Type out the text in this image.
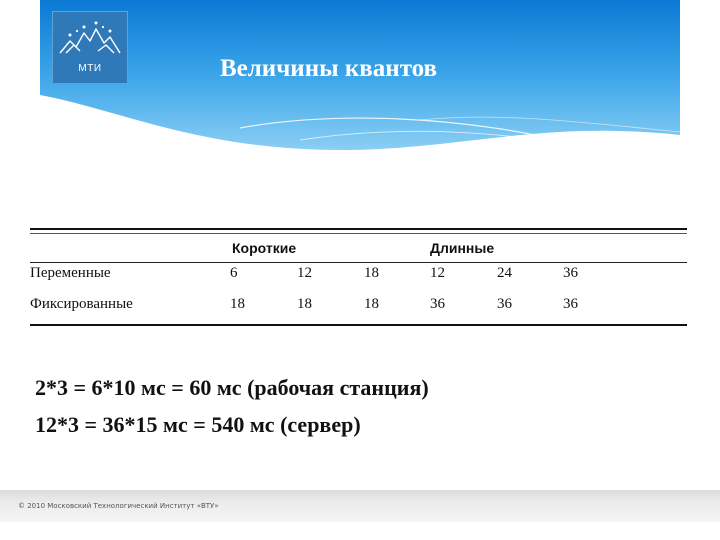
МТИ	Величины квантов
Короткие	Длинные
Переменные	6	12	18	12	24	36
Фиксированные	18	18	18	36	36	36
2*3 = 6*10 мс = 60 мс (рабочая станция)
12*3 = 36*15 мс = 540 мс (сервер)
© 2010 Московский Технологический Институт «ВТУ»
